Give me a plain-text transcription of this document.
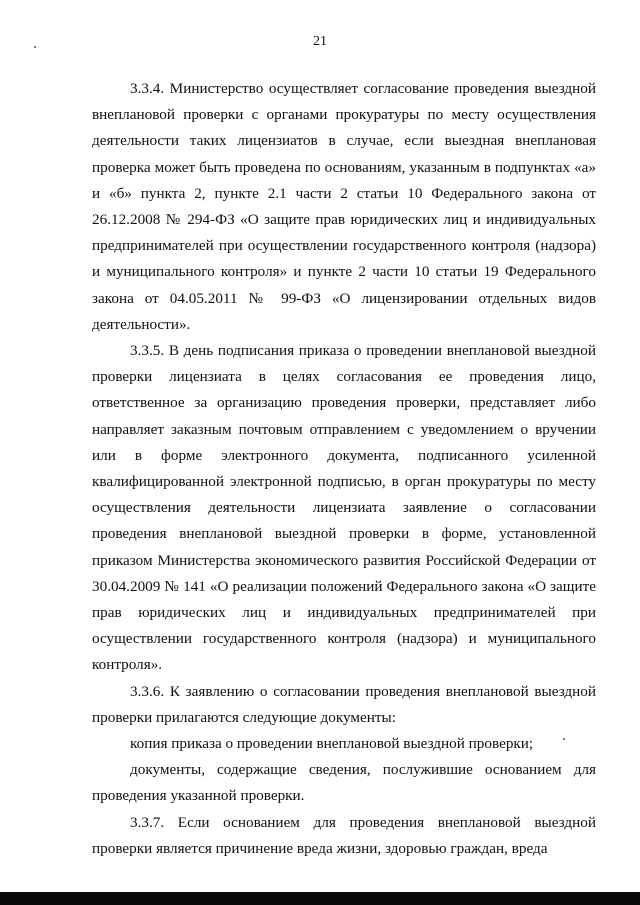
21

3.3.4. Министерство осуществляет согласование проведения выездной внеплановой проверки с органами прокуратуры по месту осуществления деятельности таких лицензиатов в случае, если выездная внеплановая проверка может быть проведена по основаниям, указанным в подпунктах «а» и «б» пункта 2, пункте 2.1 части 2 статьи 10 Федерального закона от 26.12.2008 № 294-ФЗ «О защите прав юридических лиц и индивидуальных предпринимателей при осуществлении государственного контроля (надзора) и муниципального контроля» и пункте 2 части 10 статьи 19 Федерального закона от 04.05.2011 № 99-ФЗ «О лицензировании отдельных видов деятельности».

3.3.5. В день подписания приказа о проведении внеплановой выездной проверки лицензиата в целях согласования ее проведения лицо, ответственное за организацию проведения проверки, представляет либо направляет заказным почтовым отправлением с уведомлением о вручении или в форме электронного документа, подписанного усиленной квалифицированной электронной подписью, в орган прокуратуры по месту осуществления деятельности лицензиата заявление о согласовании проведения внеплановой выездной проверки в форме, установленной приказом Министерства экономического развития Российской Федерации от 30.04.2009 № 141 «О реализации положений Федерального закона «О защите прав юридических лиц и индивидуальных предпринимателей при осуществлении государственного контроля (надзора) и муниципального контроля».

3.3.6. К заявлению о согласовании проведения внеплановой выездной проверки прилагаются следующие документы:

копия приказа о проведении внеплановой выездной проверки;

документы, содержащие сведения, послужившие основанием для проведения указанной проверки.

3.3.7. Если основанием для проведения внеплановой выездной проверки является причинение вреда жизни, здоровью граждан, вреда
